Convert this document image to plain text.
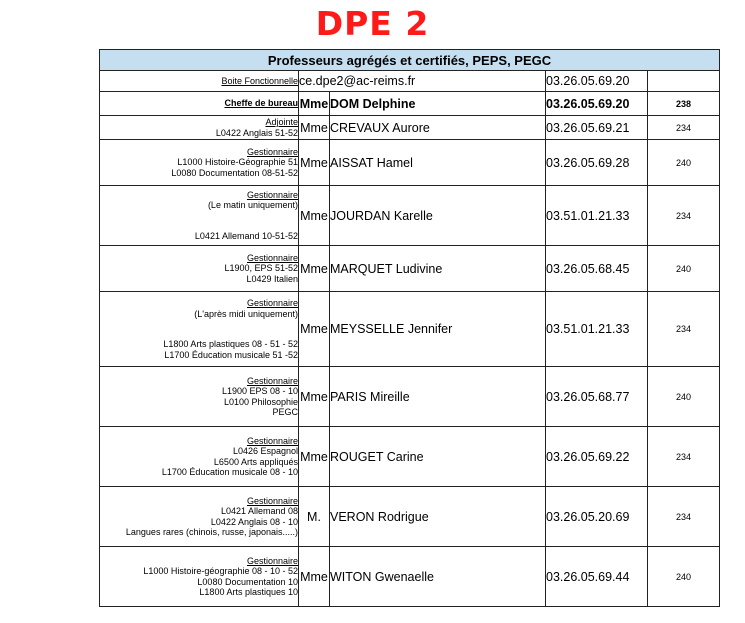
DPE 2
Professeurs agrégés et certifiés, PEPS, PEGC				

Boite Fonctionnelle	ce.dpe2@ac-reims.fr		03.26.05.69.20	

Cheffe de bureau	Mme	DOM Delphine	03.26.05.69.20	238

Adjointe
L0422 Anglais 51-52	Mme	CREVAUX Aurore	03.26.05.69.21	234

Gestionnaire
L1000 Histoire-Géographie 51
L0080 Documentation 08-51-52	Mme	AISSAT Hamel	03.26.05.69.28	240

Gestionnaire
(Le matin uniquement)
L0421 Allemand 10-51-52	Mme	JOURDAN Karelle	03.51.01.21.33	234

Gestionnaire
L1900, EPS 51-52
L0429 Italien	Mme	MARQUET Ludivine	03.26.05.68.45	240

Gestionnaire
(L'après midi uniquement)
L1800 Arts plastiques 08 - 51 - 52
L1700 Éducation musicale 51 -52	Mme	MEYSSELLE Jennifer	03.51.01.21.33	234

Gestionnaire
L1900 EPS 08 - 10
L0100 Philosophie
PEGC	Mme	PARIS Mireille	03.26.05.68.77	240

Gestionnaire
L0426 Espagnol
L6500 Arts appliqués
L1700 Éducation musicale 08 - 10	Mme	ROUGET Carine	03.26.05.69.22	234

Gestionnaire
L0421 Allemand 08
L0422 Anglais 08 - 10
Langues rares (chinois, russe, japonais.....)	M.	VERON Rodrigue	03.26.05.20.69	234

Gestionnaire
L1000 Histoire-géographie 08 - 10 - 52
L0080 Documentation 10
L1800 Arts plastiques 10	Mme	WITON Gwenaelle	03.26.05.69.44	240
